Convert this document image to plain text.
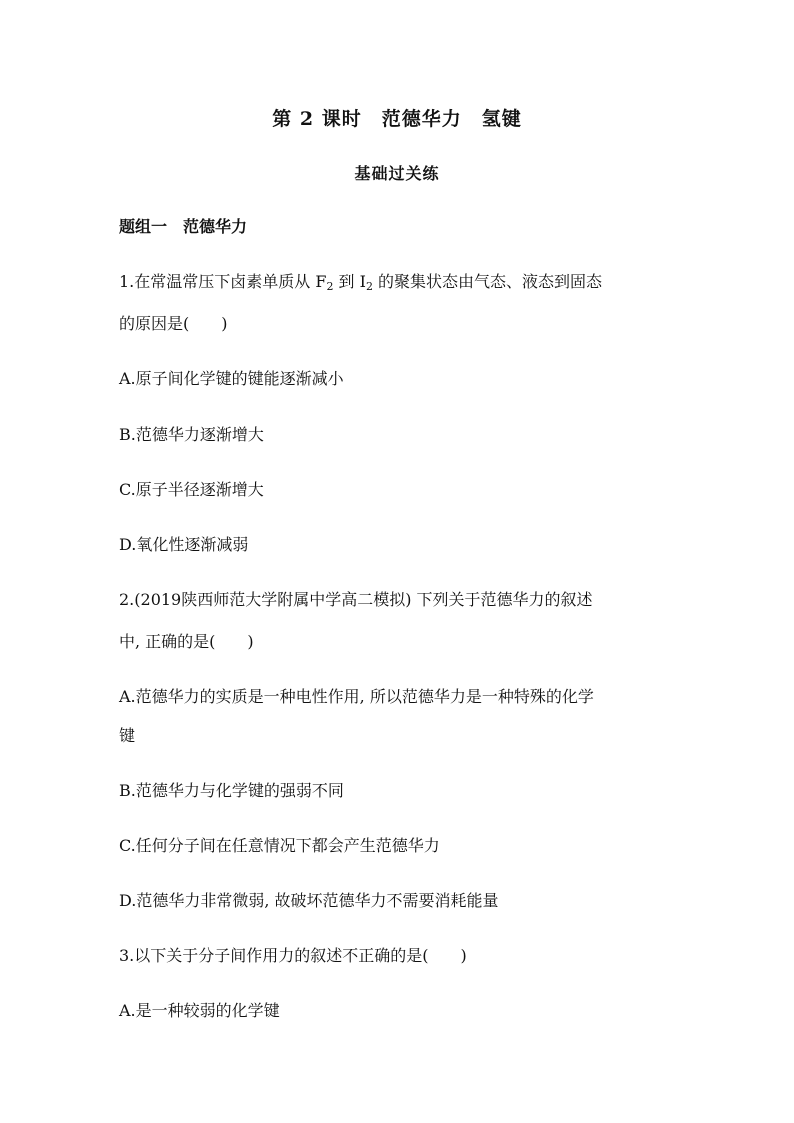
第 2 课时　范德华力　氢键
基础过关练
题组一　范德华力
1.在常温常压下卤素单质从 $F_2$ 到 $I_2$ 的聚集状态由气态、液态到固态
的原因是(　　)
A.原子间化学键的键能逐渐减小
B.范德华力逐渐增大
C.原子半径逐渐增大
D.氧化性逐渐减弱
2.(2019陕西师范大学附属中学高二模拟) 下列关于范德华力的叙述
中, 正确的是(　　)
A.范德华力的实质是一种电性作用, 所以范德华力是一种特殊的化学
键
B.范德华力与化学键的强弱不同
C.任何分子间在任意情况下都会产生范德华力
D.范德华力非常微弱, 故破坏范德华力不需要消耗能量
3.以下关于分子间作用力的叙述不正确的是(　　)
A.是一种较弱的化学键
